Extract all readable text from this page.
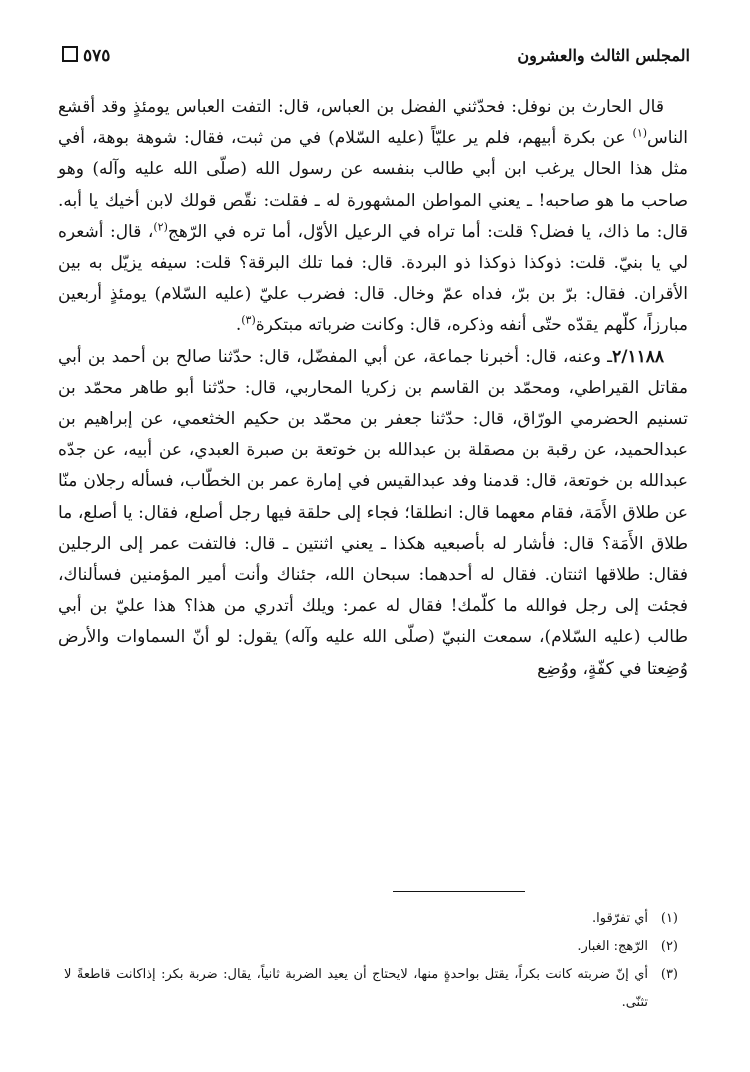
المجلس الثالث والعشرون
٥٧٥

قال الحارث بن نوفل: فحدّثني الفضل بن العباس، قال: التفت العباس يومئذٍ وقد أقشع الناس$^{(١)}$ عن بكرة أبيهم، فلم ير عليّاً (عليه السّلام) في من ثبت، فقال: شوهة بوهة، أفي مثل هذا الحال يرغب ابن أبي طالب بنفسه عن رسول الله (صلّى الله عليه وآله) وهو صاحب ما هو صاحبه! ـ يعني المواطن المشهورة له ـ فقلت: نقّص قولك لابن أخيك يا أبه. قال: ما ذاك، يا فضل؟ قلت: أما تراه في الرعيل الأوّل، أما تره في الرّهج$^{(٢)}$، قال: أشعره لي يا بنيّ. قلت: ذوكذا ذوكذا ذو البردة. قال: فما تلك البرقة؟ قلت: سيفه يزيّل به بين الأقران. فقال: برّ بن برّ، فداه عمّ وخال. قال: فضرب عليّ (عليه السّلام) يومئذٍ أربعين مبارزاً، كلّهم يقدّه حتّى أنفه وذكره، قال: وكانت ضرباته مبتكرة$^{(٣)}$.

٢/١١٨٨ـ وعنه، قال: أخبرنا جماعة، عن أبي المفضّل، قال: حدّثنا صالح بن أحمد بن أبي مقاتل القيراطي، ومحمّد بن القاسم بن زكريا المحاربي، قال: حدّثنا أبو طاهر محمّد بن تسنيم الحضرمي الورّاق، قال: حدّثنا جعفر بن محمّد بن حكيم الخثعمي، عن إبراهيم بن عبدالحميد، عن رقبة بن مصقلة بن عبدالله بن خوتعة بن صبرة العبدي، عن أبيه، عن جدّه عبدالله بن خوتعة، قال: قدمنا وفد عبدالقيس في إمارة عمر بن الخطّاب، فسأله رجلان منّا عن طلاق الأَمَة، فقام معهما قال: انطلقا؛ فجاء إلى حلقة فيها رجل أصلع، فقال: يا أصلع، ما طلاق الأَمَة؟ قال: فأشار له بأصبعيه هكذا ـ يعني اثنتين ـ قال: فالتفت عمر إلى الرجلين فقال: طلاقها اثنتان. فقال له أحدهما: سبحان الله، جئناك وأنت أمير المؤمنين فسألناك، فجئت إلى رجل فوالله ما كلّمك! فقال له عمر: ويلك أتدري من هذا؟ هذا عليّ بن أبي طالب (عليه السّلام)، سمعت النبيّ (صلّى الله عليه وآله) يقول: لو أنّ السماوات والأرض وُضِعتا في كفّةٍ، ووُضِع

(١)
أي تفرّقوا.

(٢)
الرّهج: الغبار.

(٣)
أي إنّ ضربته كانت بكراً، يقتل بواحدةٍ منها، لايحتاج أن يعيد الضربة ثانياً، يقال: ضربة بكر: إذاكانت قاطعةً لا تثنّى.
